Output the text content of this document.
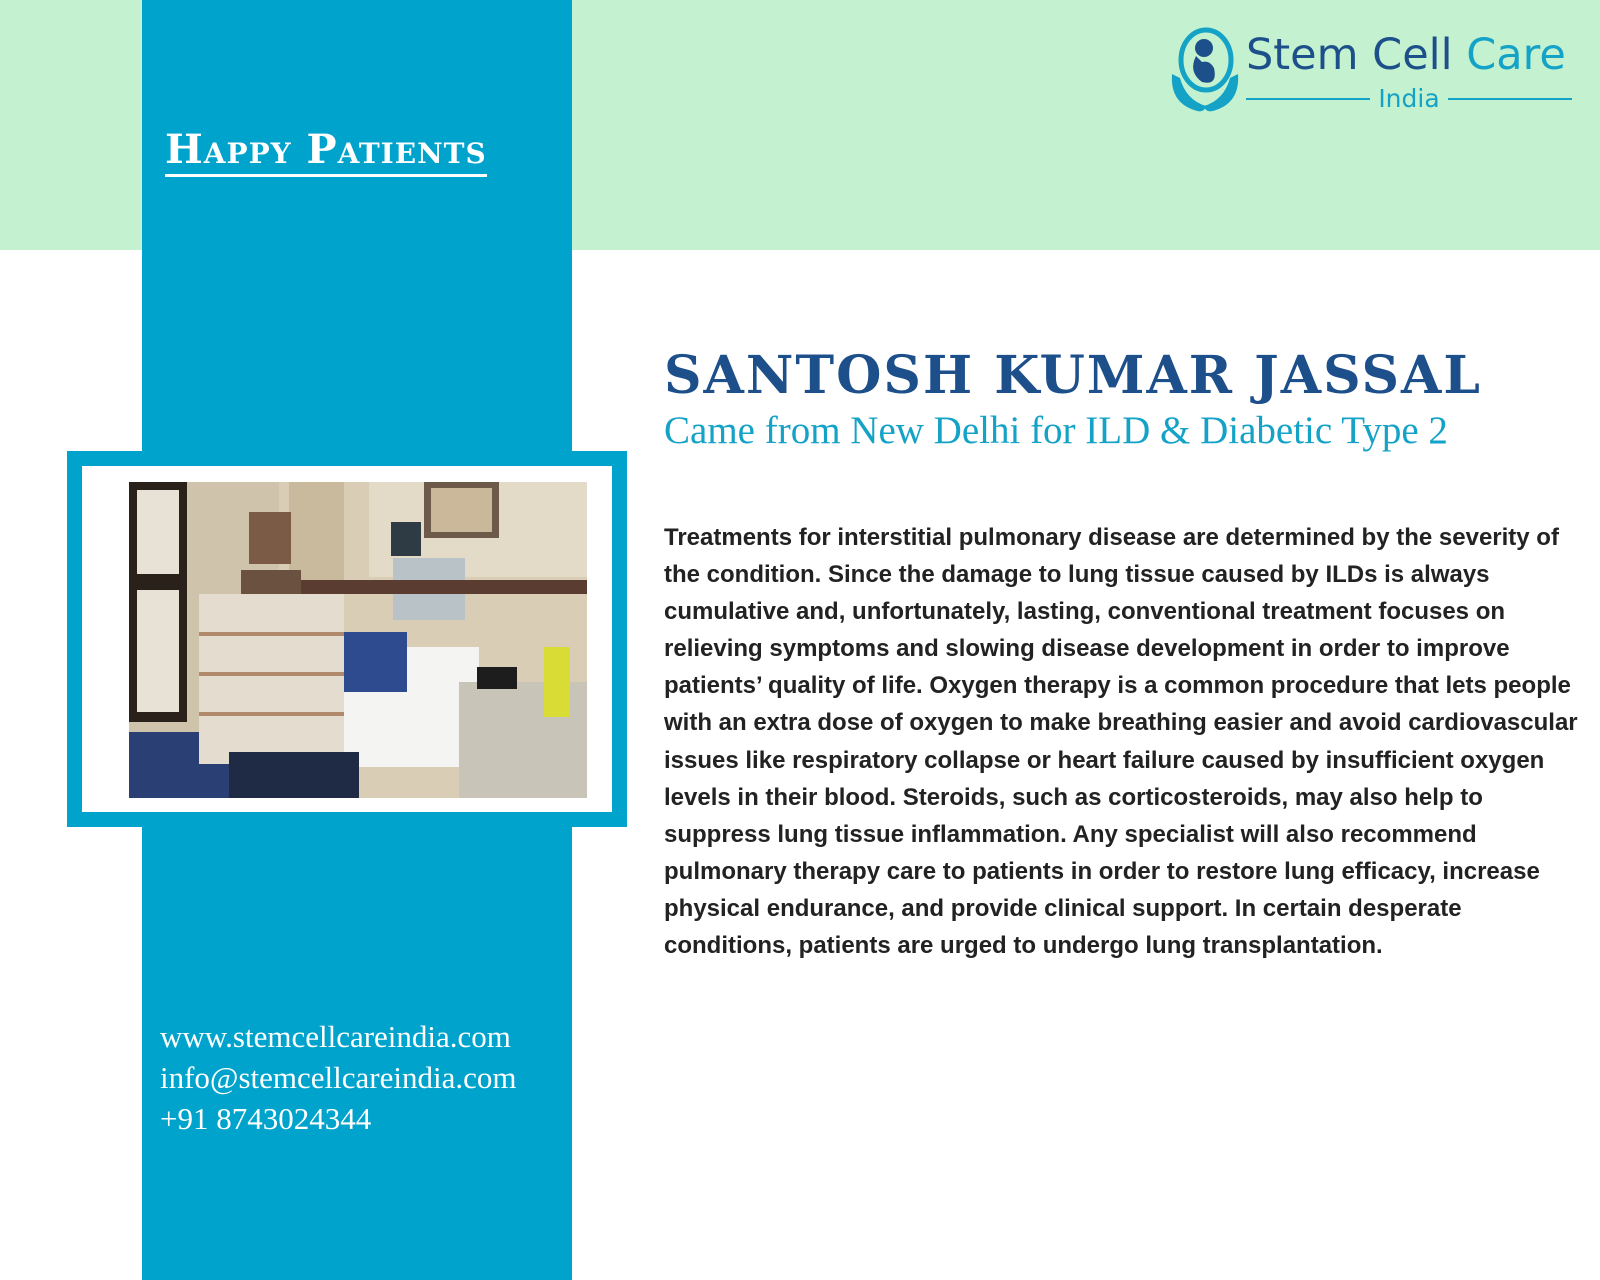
Happy Patients
www.stemcellcareindia.com
info@stemcellcareindia.com
+91 8743024344
Stem Cell Care
India
SANTOSH KUMAR JASSAL

Came from New Delhi for ILD & Diabetic Type 2

Treatments for interstitial pulmonary disease are determined by the severity of the condition. Since the damage to lung tissue caused by ILDs is always cumulative and, unfortunately, lasting, conventional treatment focuses on relieving symptoms and slowing disease development in order to improve patients’ quality of life. Oxygen therapy is a common procedure that lets people with an extra dose of oxygen to make breathing easier and avoid cardiovascular issues like respiratory collapse or heart failure caused by insufficient oxygen levels in their blood. Steroids, such as corticosteroids, may also help to suppress lung tissue inflammation. Any specialist will also recommend pulmonary therapy care to patients in order to restore lung efficacy, increase physical endurance, and provide clinical support. In certain desperate conditions, patients are urged to undergo lung transplantation.
